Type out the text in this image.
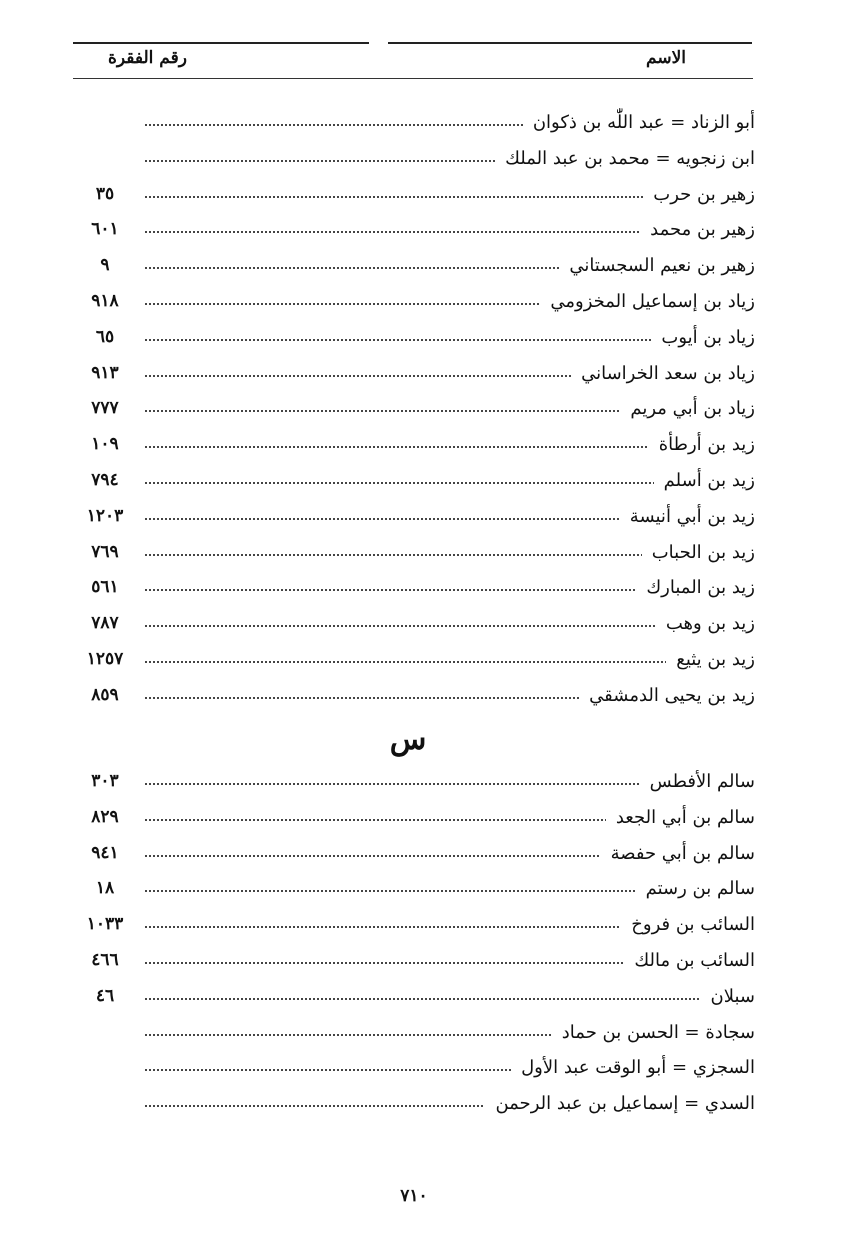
الاسم
رقم الفقرة
أبو الزناد = عبد اللّٰه بن ذكوان
ابن زنجويه = محمد بن عبد الملك
زهير بن حرب
٣٥
زهير بن محمد
٦٠١
زهير بن نعيم السجستاني
٩
زياد بن إسماعيل المخزومي
٩١٨
زياد بن أيوب
٦٥
زياد بن سعد الخراساني
٩١٣
زياد بن أبي مريم
٧٧٧
زيد بن أرطأة
١٠٩
زيد بن أسلم
٧٩٤
زيد بن أبي أنيسة
١٢٠٣
زيد بن الحباب
٧٦٩
زيد بن المبارك
٥٦١
زيد بن وهب
٧٨٧
زيد بن يثيع
١٢٥٧
زيد بن يحيى الدمشقي
٨٥٩
س
سالم الأفطس
٣٠٣
سالم بن أبي الجعد
٨٢٩
سالم بن أبي حفصة
٩٤١
سالم بن رستم
١٨
السائب بن فروخ
١٠٣٣
السائب بن مالك
٤٦٦
سبلان
٤٦
سجادة = الحسن بن حماد
السجزي = أبو الوقت عبد الأول
السدي = إسماعيل بن عبد الرحمن
٧١٠
